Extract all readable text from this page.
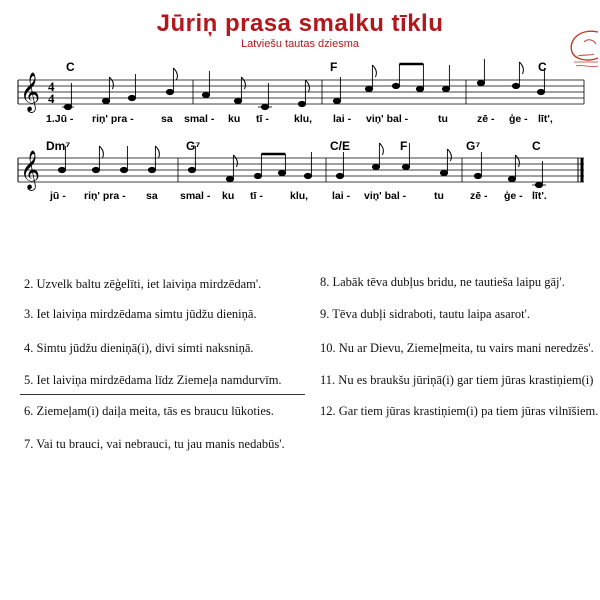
Jūriņ prasa smalku tīklu
Latviešu tautas dziesma
𝄞 4
4
C	F	C
1.Jū - riņ' pra -	sa smal - ku tī - klu, lai - viņ' bal -	tu	zē - ģe - līt',
𝄞
Dm⁷	G⁷	C/E	F	G⁷	C
jū - riņ' pra - sa smal - ku tī -	klu, lai - viņ' bal -	tu zē - ģe - līt'.
2. Uzvelk baltu zēģelīti, iet laiviņa mirdzēdam'.
3. Iet laiviņa mirdzēdama simtu jūdžu dieniņā.
4. Simtu jūdžu dieniņā(i), divi simti naksniņā.
5. Iet laiviņa mirdzēdama līdz Ziemeļa namdurvīm.
6. Ziemeļam(i) daiļa meita, tās es braucu lūkoties.
7. Vai tu brauci, vai nebrauci, tu jau manis nedabūs'.
8. Labāk tēva dubļus bridu, ne tautieša laipu gāj'.
9. Tēva dubļi sidraboti, tautu laipa asarot'.
10. Nu ar Dievu, Ziemeļmeita, tu vairs mani neredzēs'.
11. Nu es braukšu jūriņā(i) gar tiem jūras krastiņiem(i)
12. Gar tiem jūras krastiņiem(i) pa tiem jūras vilnīšiem.
